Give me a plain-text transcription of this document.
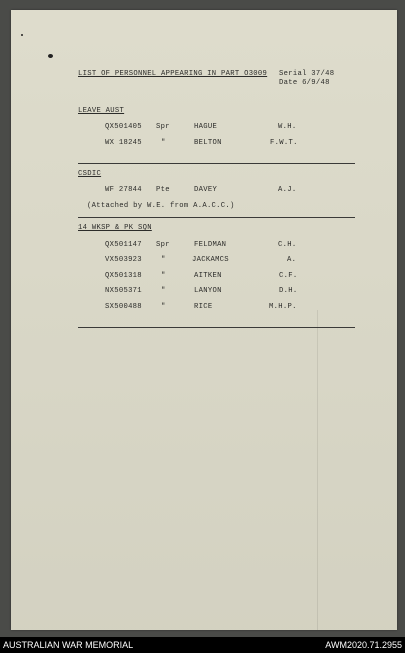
LIST OF PERSONNEL APPEARING IN PART O3009 Serial 37/48
Date 6/9/48
LEAVE AUST
QX501405 Spr	HAGUE	W.H.
WX 18245	"	BELTON	F.W.T.
CSDIC
WF 27844 Pte	DAVEY	A.J.
(Attached by W.E. from A.A.C.C.)
14 WKSP & PK SQN
QX501147 Spr	FELDMAN	C.H.
VX503923	"	JACKAMCS	A.
QX501318	"	AITKEN	C.F.
NX505371	"	LANYON	D.H.
SX500488	"	RICE	M.H.P.
AUSTRALIAN WAR MEMORIAL	AWM2020.71.2955
